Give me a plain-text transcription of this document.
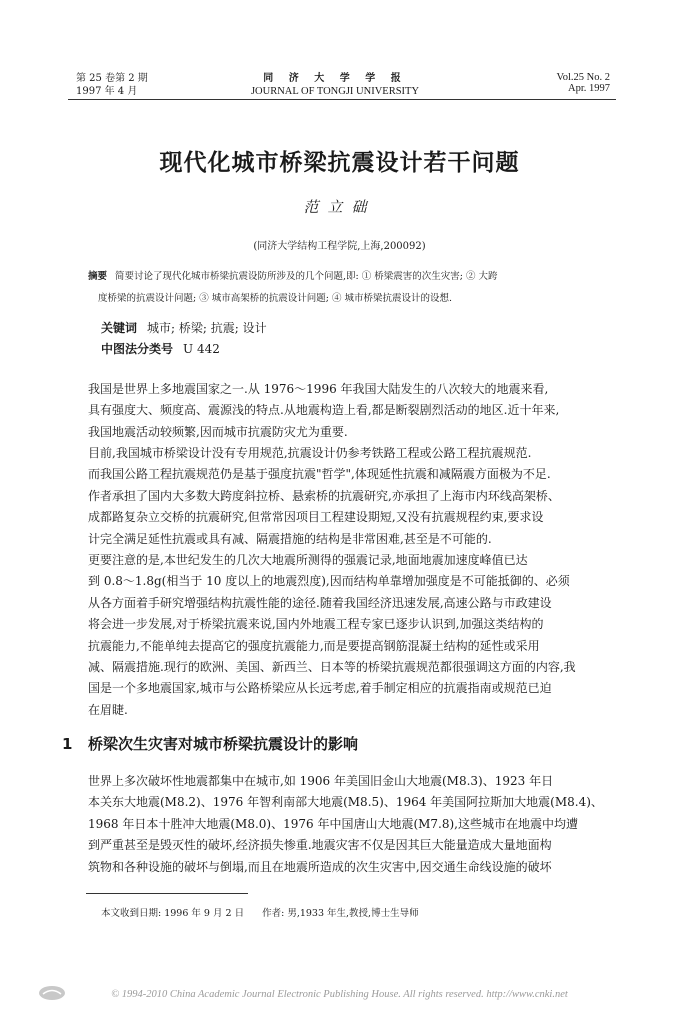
第 25 卷第 2 期
1997 年 4 月
同 济 大 学 学 报
JOURNAL OF TONGJI UNIVERSITY
Vol.25 No. 2
Apr. 1997
现代化城市桥梁抗震设计若干问题
范立础
(同济大学结构工程学院,上海,200092)
摘要 简要讨论了现代化城市桥梁抗震设防所涉及的几个问题,即: ① 桥梁震害的次生灾害; ② 大跨
度桥梁的抗震设计问题; ③ 城市高架桥的抗震设计问题; ④ 城市桥梁抗震设计的设想.
关键词 城市; 桥梁; 抗震; 设计
中图法分类号 U 442
我国是世界上多地震国家之一.从 1976～1996 年我国大陆发生的八次较大的地震来看,
具有强度大、频度高、震源浅的特点.从地震构造上看,都是断裂剧烈活动的地区.近十年来,
我国地震活动较频繁,因而城市抗震防灾尤为重要.
目前,我国城市桥梁设计没有专用规范,抗震设计仍参考铁路工程或公路工程抗震规范.
而我国公路工程抗震规范仍是基于强度抗震"哲学",体现延性抗震和减隔震方面极为不足.
作者承担了国内大多数大跨度斜拉桥、悬索桥的抗震研究,亦承担了上海市内环线高架桥、
成都路复杂立交桥的抗震研究,但常常因项目工程建设期短,又没有抗震规程约束,要求设
计完全满足延性抗震或具有减、隔震措施的结构是非常困难,甚至是不可能的.
更要注意的是,本世纪发生的几次大地震所测得的强震记录,地面地震加速度峰值已达
到 0.8～1.8g(相当于 10 度以上的地震烈度),因而结构单靠增加强度是不可能抵御的、必须
从各方面着手研究增强结构抗震性能的途径.随着我国经济迅速发展,高速公路与市政建设
将会进一步发展,对于桥梁抗震来说,国内外地震工程专家已逐步认识到,加强这类结构的
抗震能力,不能单纯去提高它的强度抗震能力,而是要提高钢筋混凝土结构的延性或采用
减、隔震措施.现行的欧洲、美国、新西兰、日本等的桥梁抗震规范都很强调这方面的内容,我
国是一个多地震国家,城市与公路桥梁应从长远考虑,着手制定相应的抗震指南或规范已迫
在眉睫.
1 桥梁次生灾害对城市桥梁抗震设计的影响
世界上多次破坏性地震都集中在城市,如 1906 年美国旧金山大地震(M8.3)、1923 年日
本关东大地震(M8.2)、1976 年智利南部大地震(M8.5)、1964 年美国阿拉斯加大地震(M8.4)、
1968 年日本十胜冲大地震(M8.0)、1976 年中国唐山大地震(M7.8),这些城市在地震中均遭
到严重甚至是毁灭性的破坏,经济损失惨重.地震灾害不仅是因其巨大能量造成大量地面构
筑物和各种设施的破坏与倒塌,而且在地震所造成的次生灾害中,因交通生命线设施的破坏
本文收到日期: 1996 年 9 月 2 日 作者: 男,1933 年生,教授,博士生导师
© 1994-2010 China Academic Journal Electronic Publishing House. All rights reserved. http://www.cnki.net
